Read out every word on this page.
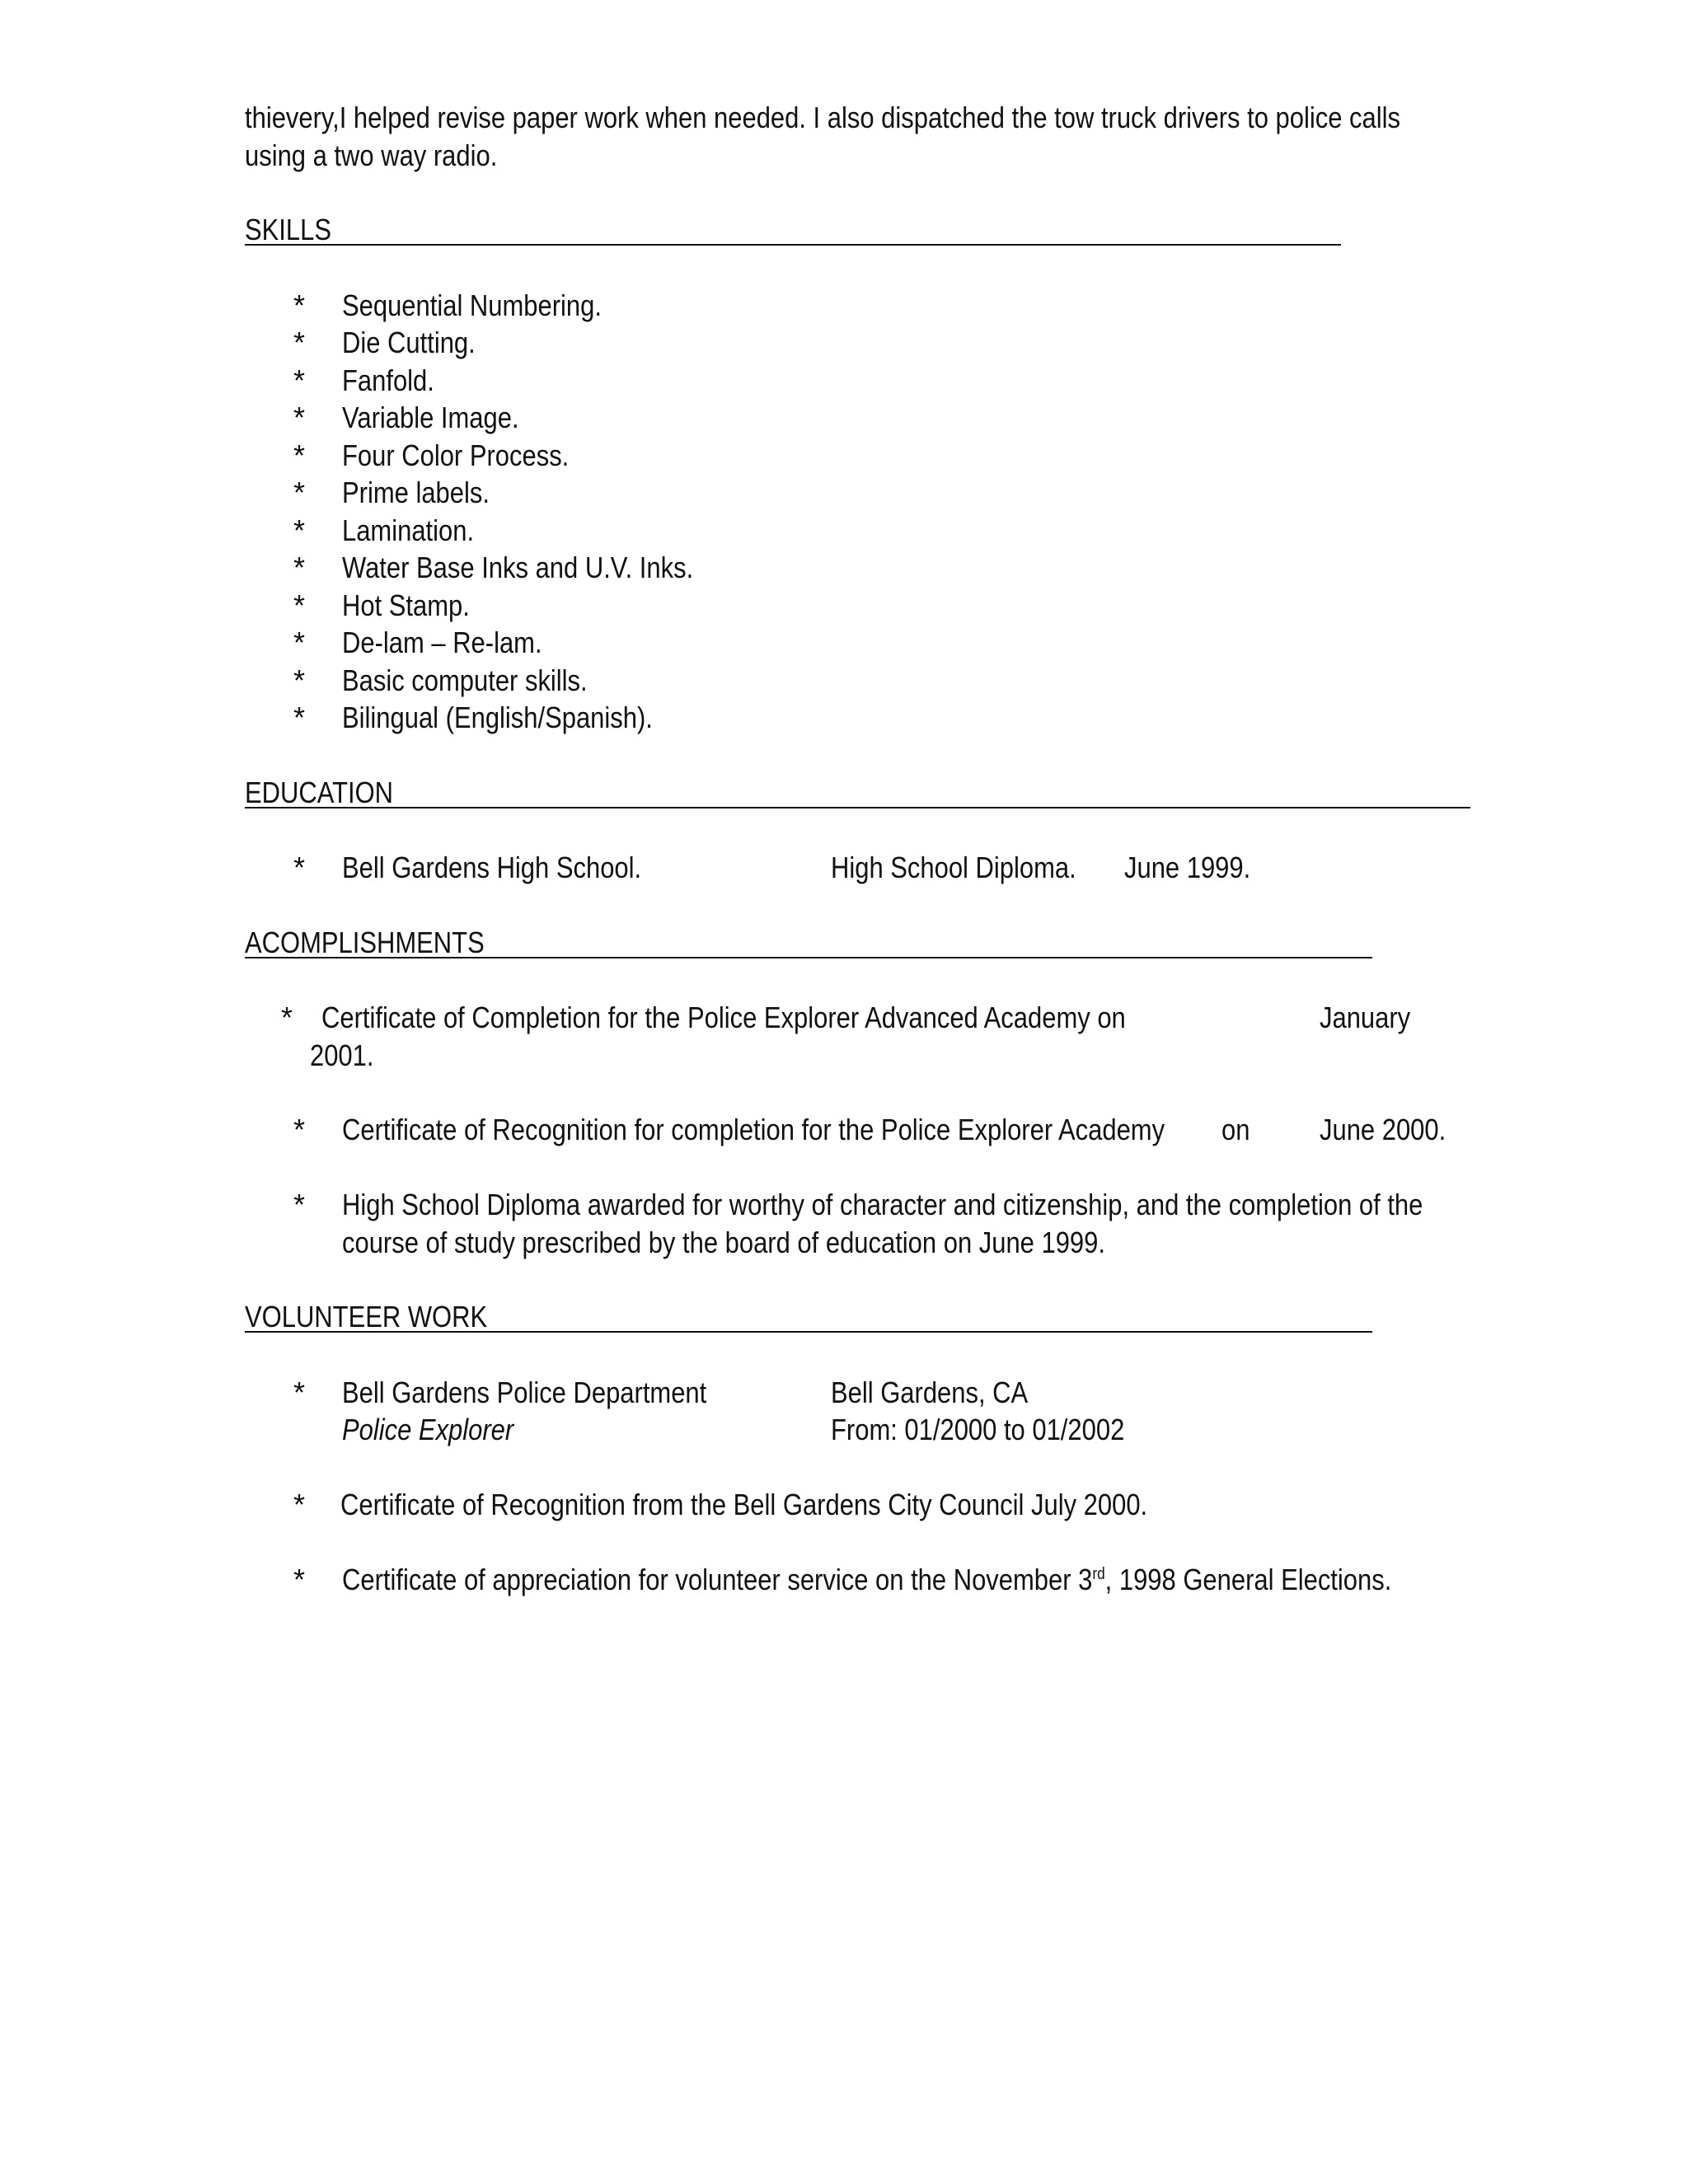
thievery,I helped revise paper work when needed. I also dispatched the tow truck drivers to police calls
using a two way radio.
SKILLS
* Sequential Numbering.
* Die Cutting.
* Fanfold.
* Variable Image.
* Four Color Process.
* Prime labels.
* Lamination.
* Water Base Inks and U.V. Inks.
* Hot Stamp.
* De-lam – Re-lam.
* Basic computer skills.
* Bilingual (English/Spanish).
EDUCATION
* Bell Gardens High School.	High School Diploma. June 1999.
ACOMPLISHMENTS
* Certificate of Completion for the Police Explorer Advanced Academy on	January
2001.
* Certificate of Recognition for completion for the Police Explorer Academy on June 2000.
* High School Diploma awarded for worthy of character and citizenship, and the completion of the
course of study prescribed by the board of education on June 1999.
VOLUNTEER WORK
* Bell Gardens Police Department	Bell Gardens, CA
Police Explorer	From: 01/2000 to 01/2002
* Certificate of Recognition from the Bell Gardens City Council July 2000.
* Certificate of appreciation for volunteer service on the November 3rd, 1998 General Elections.
